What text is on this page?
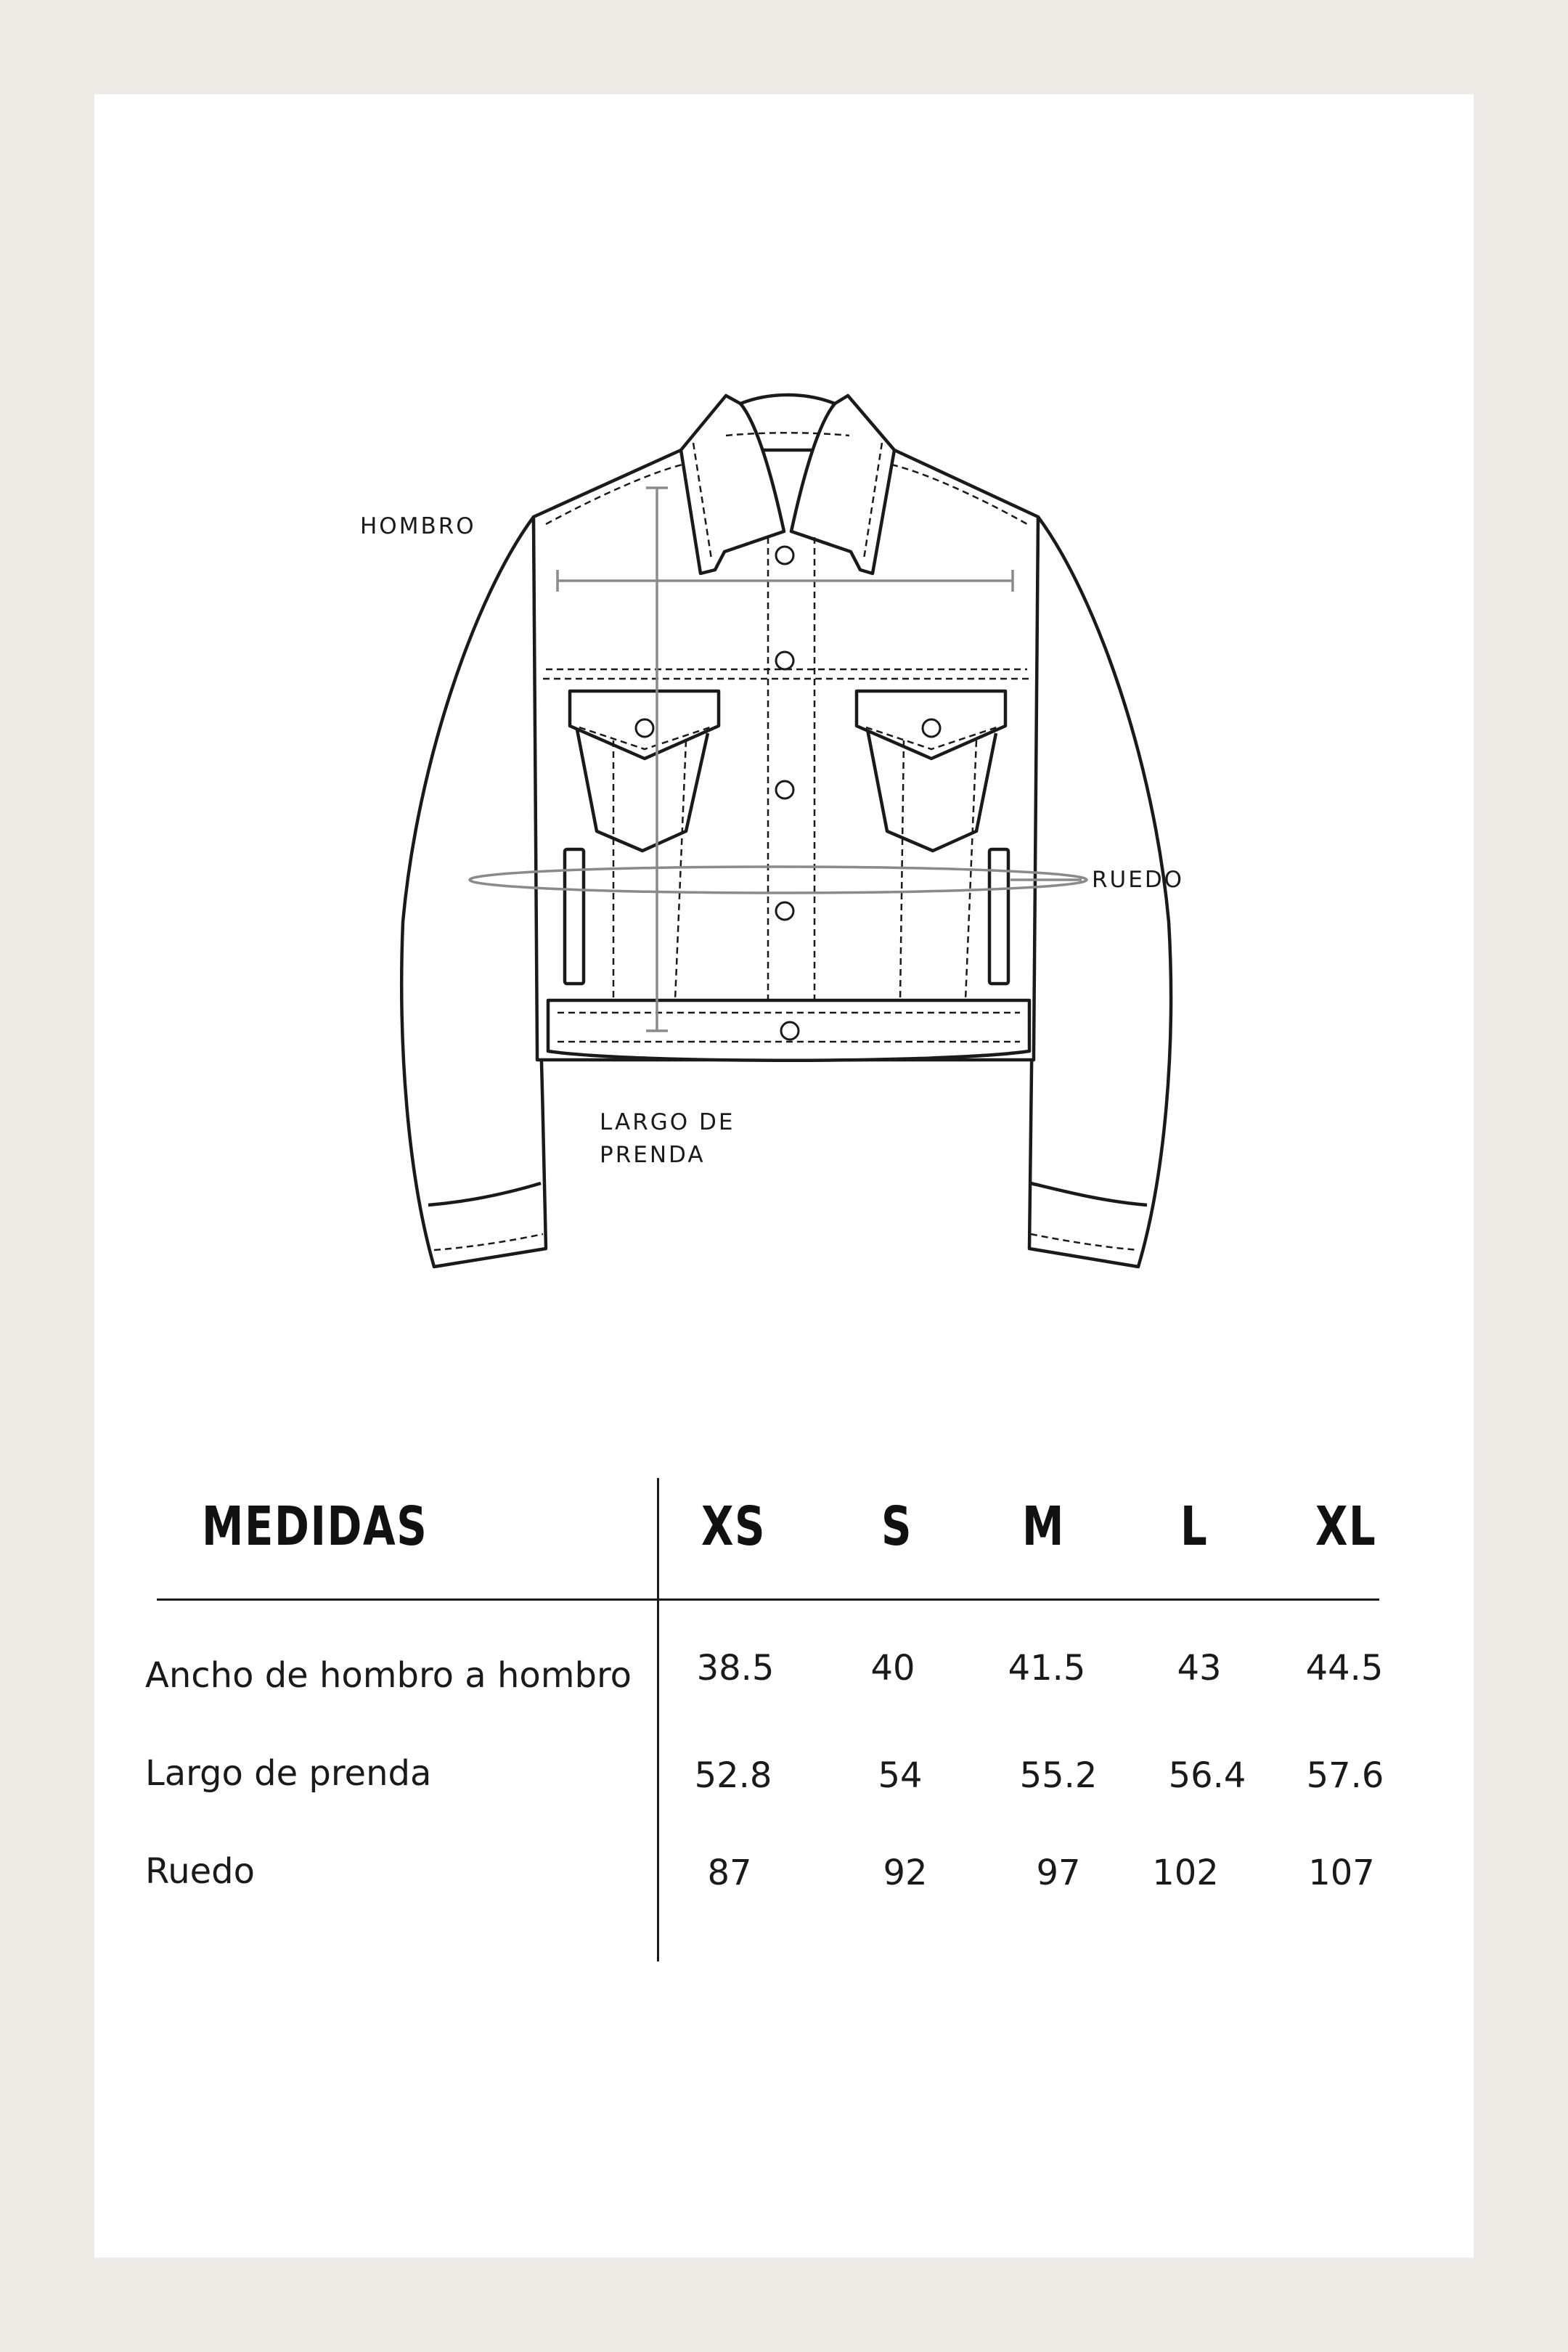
HOMBRO
RUEDO
LARGO DE
PRENDA
MEDIDAS	XS S M L XL
Ancho de hombro a hombro	38.5	40	41.5	43	44.5
Largo de prenda	52.8	54	55.2	56.4	57.6
Ruedo	87	92	97	102	107
